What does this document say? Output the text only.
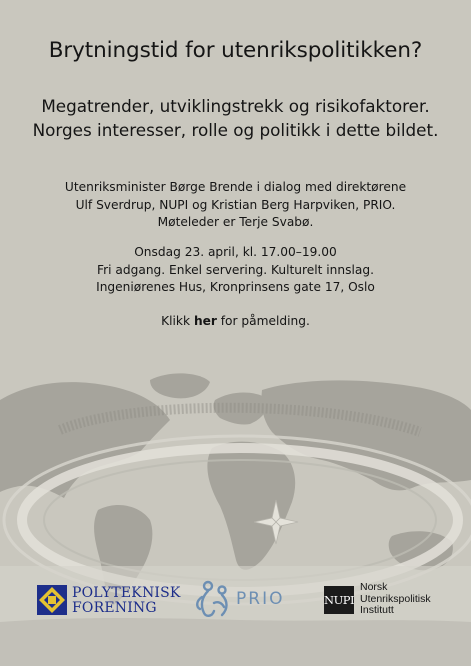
Brytningstid for utenrikspolitikken?
Megatrender, utviklingstrekk og risikofaktorer.
Norges interesser, rolle og politikk i dette bildet.
Utenriksminister Børge Brende i dialog med direktørene
Ulf Sverdrup, NUPI og Kristian Berg Harpviken, PRIO.
Møteleder er Terje Svabø.
Onsdag 23. april, kl. 17.00–19.00
Fri adgang. Enkel servering. Kulturelt innslag.
Ingeniørenes Hus, Kronprinsens gate 17, Oslo
Klikk her for påmelding.
POLYTEKNISK
FORENING	PRIO	NUPI
Norsk
Utenrikspolitisk
Institutt
